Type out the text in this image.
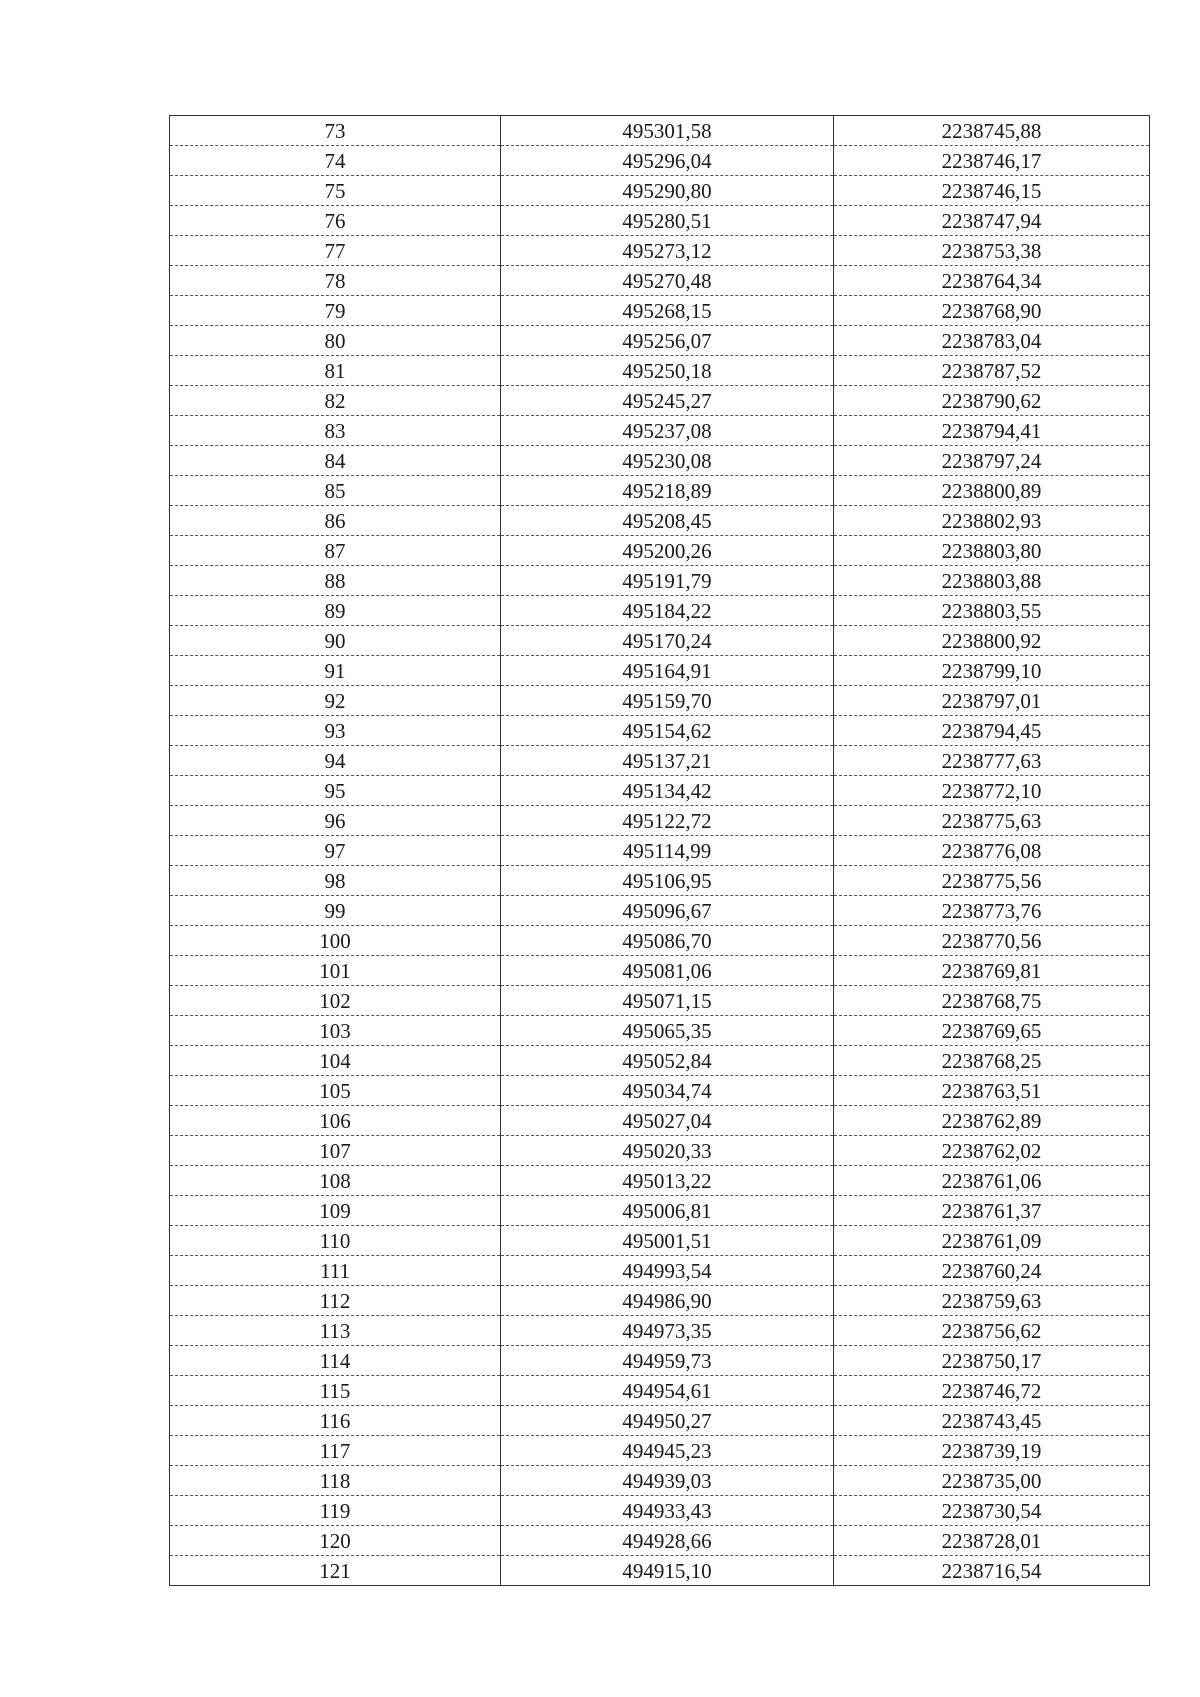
73	495301,58	2238745,88
74	495296,04	2238746,17
75	495290,80	2238746,15
76	495280,51	2238747,94
77	495273,12	2238753,38
78	495270,48	2238764,34
79	495268,15	2238768,90
80	495256,07	2238783,04
81	495250,18	2238787,52
82	495245,27	2238790,62
83	495237,08	2238794,41
84	495230,08	2238797,24
85	495218,89	2238800,89
86	495208,45	2238802,93
87	495200,26	2238803,80
88	495191,79	2238803,88
89	495184,22	2238803,55
90	495170,24	2238800,92
91	495164,91	2238799,10
92	495159,70	2238797,01
93	495154,62	2238794,45
94	495137,21	2238777,63
95	495134,42	2238772,10
96	495122,72	2238775,63
97	495114,99	2238776,08
98	495106,95	2238775,56
99	495096,67	2238773,76
100	495086,70	2238770,56
101	495081,06	2238769,81
102	495071,15	2238768,75
103	495065,35	2238769,65
104	495052,84	2238768,25
105	495034,74	2238763,51
106	495027,04	2238762,89
107	495020,33	2238762,02
108	495013,22	2238761,06
109	495006,81	2238761,37
110	495001,51	2238761,09
111	494993,54	2238760,24
112	494986,90	2238759,63
113	494973,35	2238756,62
114	494959,73	2238750,17
115	494954,61	2238746,72
116	494950,27	2238743,45
117	494945,23	2238739,19
118	494939,03	2238735,00
119	494933,43	2238730,54
120	494928,66	2238728,01
121	494915,10	2238716,54
